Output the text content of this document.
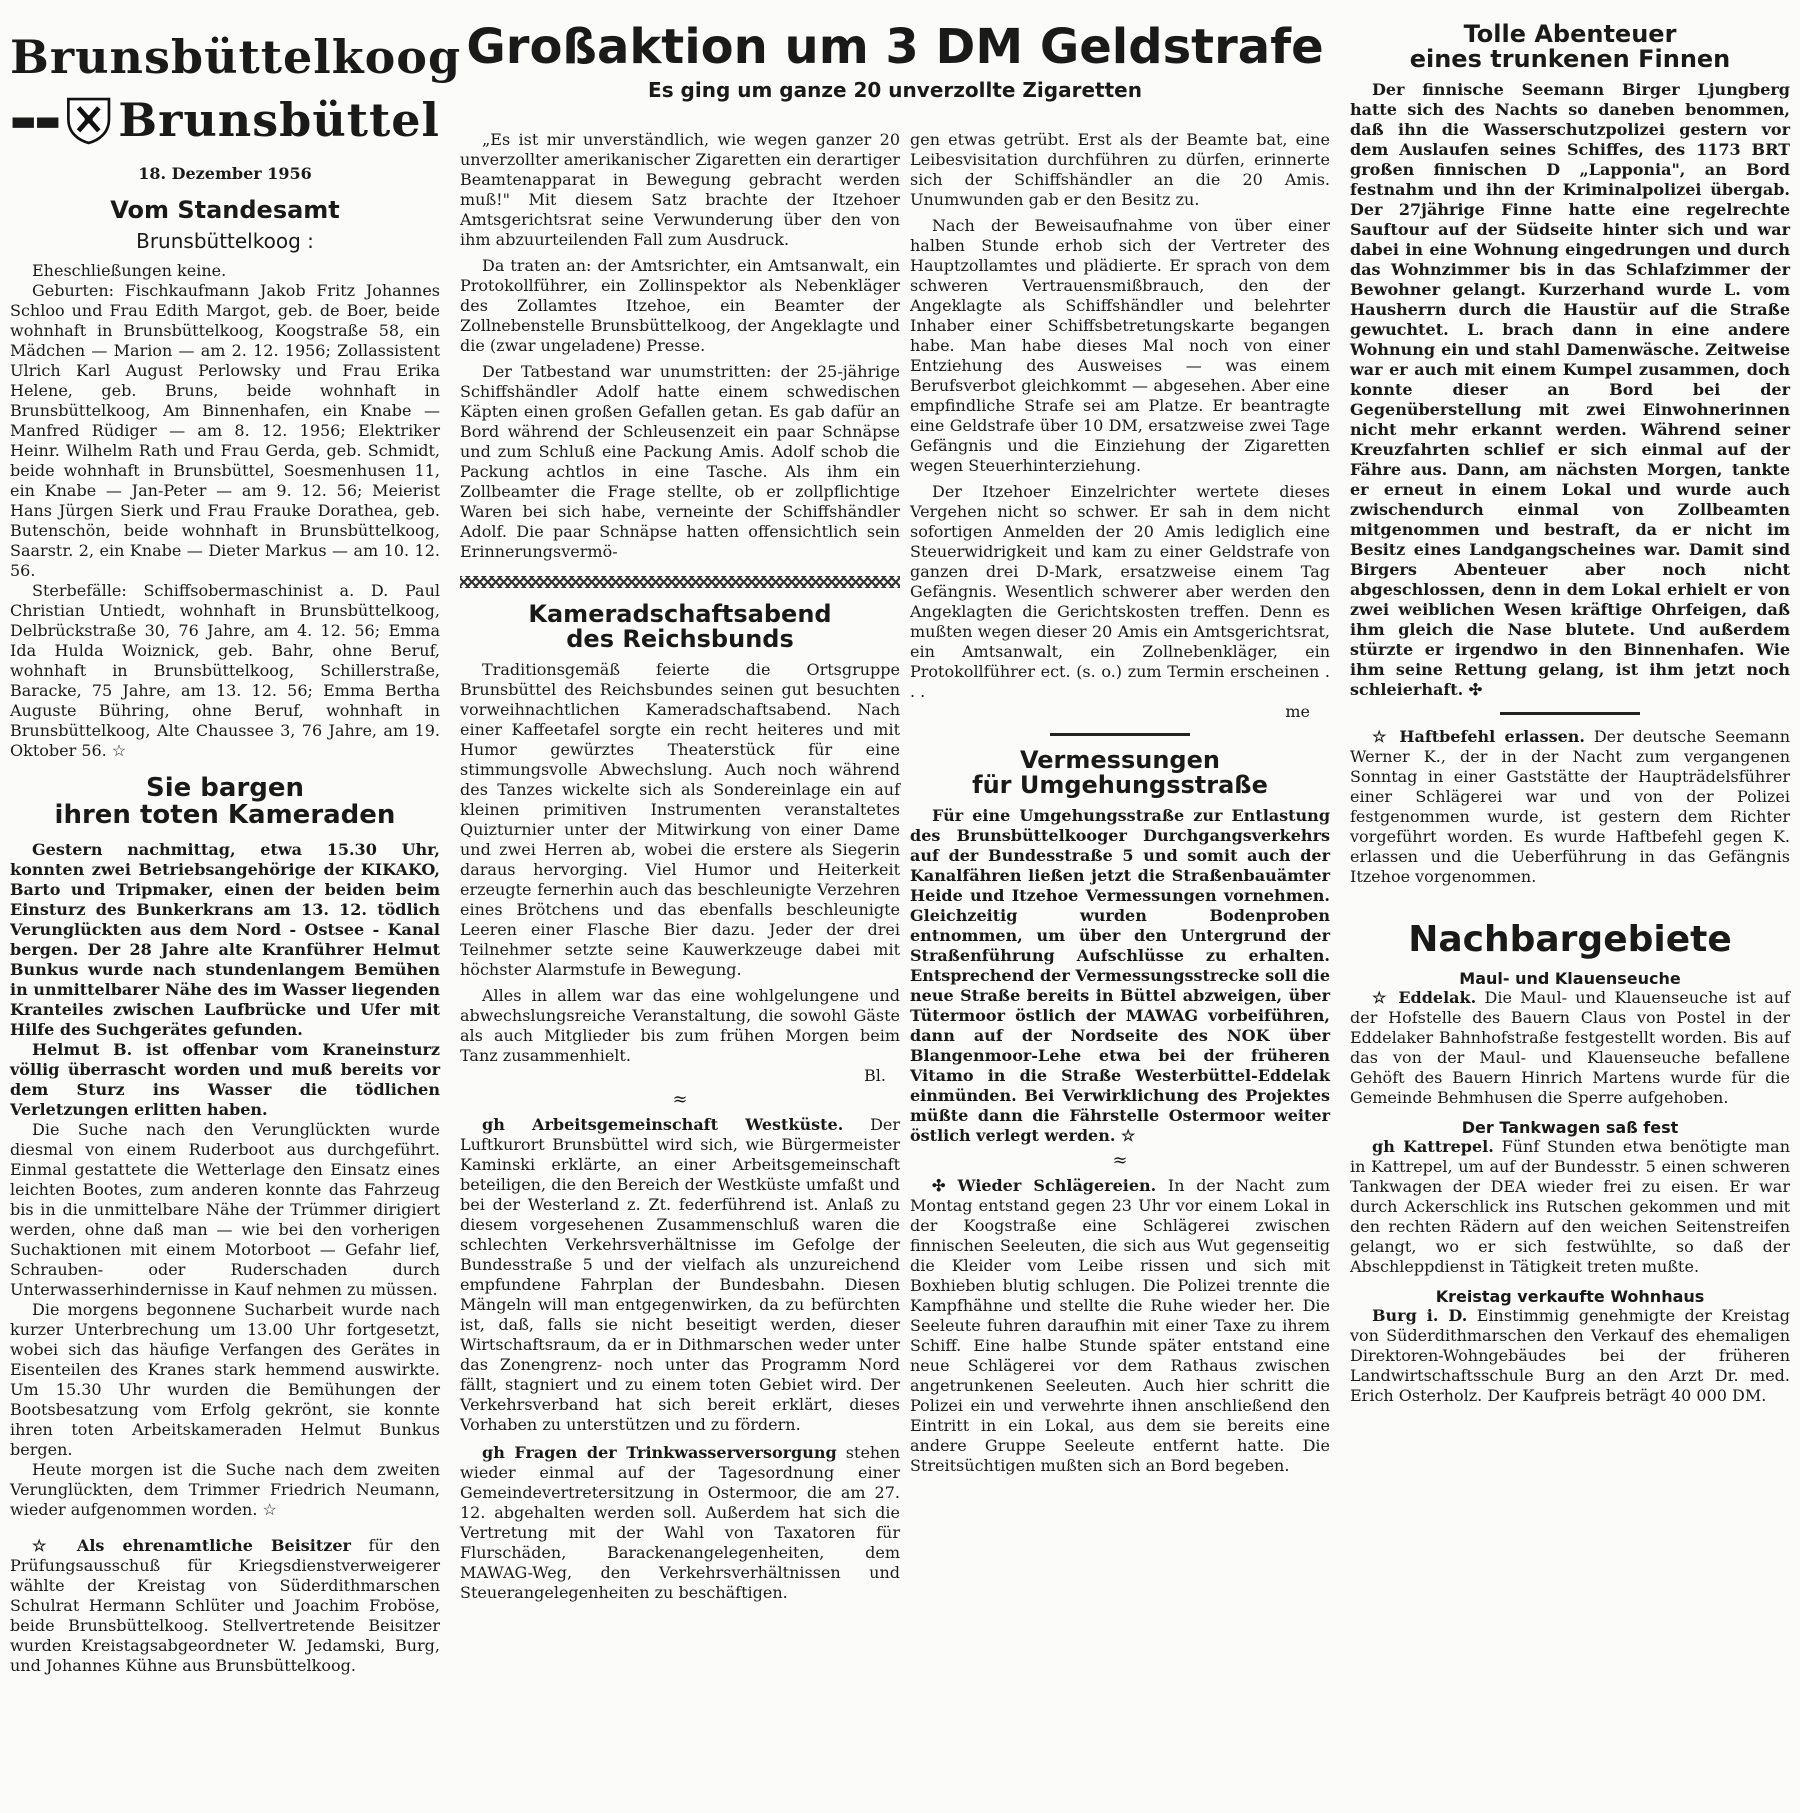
Brunsbüttelkoog
▬▬ Brunsbüttel
18. Dezember 1956
Vom Standesamt
Brunsbüttelkoog :

Eheschließungen keine.

Geburten: Fischkaufmann Jakob Fritz Johannes Schloo und Frau Edith Margot, geb. de Boer, beide wohnhaft in Brunsbüttelkoog, Koogstraße 58, ein Mädchen — Marion — am 2. 12. 1956; Zollassistent Ulrich Karl August Perlowsky und Frau Erika Helene, geb. Bruns, beide wohnhaft in Brunsbüttelkoog, Am Binnenhafen, ein Knabe — Manfred Rüdiger — am 8. 12. 1956; Elektriker Heinr. Wilhelm Rath und Frau Gerda, geb. Schmidt, beide wohnhaft in Brunsbüttel, Soesmenhusen 11, ein Knabe — Jan-Peter — am 9. 12. 56; Meierist Hans Jürgen Sierk und Frau Frauke Dorathea, geb. Butenschön, beide wohnhaft in Brunsbüttelkoog, Saarstr. 2, ein Knabe — Dieter Markus — am 10. 12. 56.

Sterbefälle: Schiffsobermaschinist a. D. Paul Christian Untiedt, wohnhaft in Brunsbüttelkoog, Delbrückstraße 30, 76 Jahre, am 4. 12. 56; Emma Ida Hulda Woiznick, geb. Bahr, ohne Beruf, wohnhaft in Brunsbüttelkoog, Schillerstraße, Baracke, 75 Jahre, am 13. 12. 56; Emma Bertha Auguste Bühring, ohne Beruf, wohnhaft in Brunsbüttelkoog, Alte Chaussee 3, 76 Jahre, am 19. Oktober 56. ☆

Sie bargen
ihren toten Kameraden

Gestern nachmittag, etwa 15.30 Uhr, konnten zwei Betriebsangehörige der KIKAKO, Barto und Tripmaker, einen der beiden beim Einsturz des Bunkerkrans am 13. 12. tödlich Verunglückten aus dem Nord - Ostsee - Kanal bergen. Der 28 Jahre alte Kranführer Helmut Bunkus wurde nach stundenlangem Bemühen in unmittelbarer Nähe des im Wasser liegenden Kranteiles zwischen Laufbrücke und Ufer mit Hilfe des Suchgerätes gefunden.

Helmut B. ist offenbar vom Kraneinsturz völlig überrascht worden und muß bereits vor dem Sturz ins Wasser die tödlichen Verletzungen erlitten haben.

Die Suche nach den Verunglückten wurde diesmal von einem Ruderboot aus durchgeführt. Einmal gestattete die Wetterlage den Einsatz eines leichten Bootes, zum anderen konnte das Fahrzeug bis in die unmittelbare Nähe der Trümmer dirigiert werden, ohne daß man — wie bei den vorherigen Suchaktionen mit einem Motorboot — Gefahr lief, Schrauben- oder Ruderschaden durch Unterwasserhindernisse in Kauf nehmen zu müssen.

Die morgens begonnene Sucharbeit wurde nach kurzer Unterbrechung um 13.00 Uhr fortgesetzt, wobei sich das häufige Verfangen des Gerätes in Eisenteilen des Kranes stark hemmend auswirkte. Um 15.30 Uhr wurden die Bemühungen der Bootsbesatzung vom Erfolg gekrönt, sie konnte ihren toten Arbeitskameraden Helmut Bunkus bergen.

Heute morgen ist die Suche nach dem zweiten Verunglückten, dem Trimmer Friedrich Neumann, wieder aufgenommen worden. ☆

☆ Als ehrenamtliche Beisitzer für den Prüfungsausschuß für Kriegsdienstverweigerer wählte der Kreistag von Süderdithmarschen Schulrat Hermann Schlüter und Joachim Froböse, beide Brunsbüttelkoog. Stellvertretende Beisitzer wurden Kreistagsabgeordneter W. Jedamski, Burg, und Johannes Kühne aus Brunsbüttelkoog.

Großaktion um 3 DM Geldstrafe
Es ging um ganze 20 unverzollte Zigaretten

„Es ist mir unverständlich, wie wegen ganzer 20 unverzollter amerikanischer Zigaretten ein derartiger Beamtenapparat in Bewegung gebracht werden muß!" Mit diesem Satz brachte der Itzehoer Amtsgerichtsrat seine Verwunderung über den von ihm abzuurteilenden Fall zum Ausdruck.

Da traten an: der Amtsrichter, ein Amtsanwalt, ein Protokollführer, ein Zollinspektor als Nebenkläger des Zollamtes Itzehoe, ein Beamter der Zollnebenstelle Brunsbüttelkoog, der Angeklagte und die (zwar ungeladene) Presse.

Der Tatbestand war unumstritten: der 25-jährige Schiffshändler Adolf hatte einem schwedischen Käpten einen großen Gefallen getan. Es gab dafür an Bord während der Schleusenzeit ein paar Schnäpse und zum Schluß eine Packung Amis. Adolf schob die Packung achtlos in eine Tasche. Als ihm ein Zollbeamter die Frage stellte, ob er zollpflichtige Waren bei sich habe, verneinte der Schiffshändler Adolf. Die paar Schnäpse hatten offensichtlich sein Erinnerungsvermö-

Kameradschaftsabend
des Reichsbunds

Traditionsgemäß feierte die Ortsgruppe Brunsbüttel des Reichsbundes seinen gut besuchten vorweihnachtlichen Kameradschaftsabend. Nach einer Kaffeetafel sorgte ein recht heiteres und mit Humor gewürztes Theaterstück für eine stimmungsvolle Abwechslung. Auch noch während des Tanzes wickelte sich als Sondereinlage ein auf kleinen primitiven Instrumenten veranstaltetes Quizturnier unter der Mitwirkung von einer Dame und zwei Herren ab, wobei die erstere als Siegerin daraus hervorging. Viel Humor und Heiterkeit erzeugte fernerhin auch das beschleunigte Verzehren eines Brötchens und das ebenfalls beschleunigte Leeren einer Flasche Bier dazu. Jeder der drei Teilnehmer setzte seine Kauwerkzeuge dabei mit höchster Alarmstufe in Bewegung.

Alles in allem war das eine wohlgelungene und abwechslungsreiche Veranstaltung, die sowohl Gäste als auch Mitglieder bis zum frühen Morgen beim Tanz zusammenhielt.

Bl.
≈

gh Arbeitsgemeinschaft Westküste. Der Luftkurort Brunsbüttel wird sich, wie Bürgermeister Kaminski erklärte, an einer Arbeitsgemeinschaft beteiligen, die den Bereich der Westküste umfaßt und bei der Westerland z. Zt. federführend ist. Anlaß zu diesem vorgesehenen Zusammenschluß waren die schlechten Verkehrsverhältnisse im Gefolge der Bundesstraße 5 und der vielfach als unzureichend empfundene Fahrplan der Bundesbahn. Diesen Mängeln will man entgegenwirken, da zu befürchten ist, daß, falls sie nicht beseitigt werden, dieser Wirtschaftsraum, da er in Dithmarschen weder unter das Zonengrenz- noch unter das Programm Nord fällt, stagniert und zu einem toten Gebiet wird. Der Verkehrsverband hat sich bereit erklärt, dieses Vorhaben zu unterstützen und zu fördern.

gh Fragen der Trinkwasserversorgung stehen wieder einmal auf der Tagesordnung einer Gemeindevertretersitzung in Ostermoor, die am 27. 12. abgehalten werden soll. Außerdem hat sich die Vertretung mit der Wahl von Taxatoren für Flurschäden, Barackenangelegenheiten, dem MAWAG-Weg, den Verkehrsverhältnissen und Steuerangelegenheiten zu beschäftigen.

gen etwas getrübt. Erst als der Beamte bat, eine Leibesvisitation durchführen zu dürfen, erinnerte sich der Schiffshändler an die 20 Amis. Unumwunden gab er den Besitz zu.

Nach der Beweisaufnahme von über einer halben Stunde erhob sich der Vertreter des Hauptzollamtes und plädierte. Er sprach von dem schweren Vertrauensmißbrauch, den der Angeklagte als Schiffshändler und belehrter Inhaber einer Schiffsbetretungskarte begangen habe. Man habe dieses Mal noch von einer Entziehung des Ausweises — was einem Berufsverbot gleichkommt — abgesehen. Aber eine empfindliche Strafe sei am Platze. Er beantragte eine Geldstrafe über 10 DM, ersatzweise zwei Tage Gefängnis und die Einziehung der Zigaretten wegen Steuerhinterziehung.

Der Itzehoer Einzelrichter wertete dieses Vergehen nicht so schwer. Er sah in dem nicht sofortigen Anmelden der 20 Amis lediglich eine Steuerwidrigkeit und kam zu einer Geldstrafe von ganzen drei D-Mark, ersatzweise einem Tag Gefängnis. Wesentlich schwerer aber werden den Angeklagten die Gerichtskosten treffen. Denn es mußten wegen dieser 20 Amis ein Amtsgerichtsrat, ein Amtsanwalt, ein Zollnebenkläger, ein Protokollführer ect. (s. o.) zum Termin erscheinen . . .

me
Vermessungen
für Umgehungsstraße

Für eine Umgehungsstraße zur Entlastung des Brunsbüttelkooger Durchgangsverkehrs auf der Bundesstraße 5 und somit auch der Kanalfähren ließen jetzt die Straßenbauämter Heide und Itzehoe Vermessungen vornehmen. Gleichzeitig wurden Bodenproben entnommen, um über den Untergrund der Straßenführung Aufschlüsse zu erhalten. Entsprechend der Vermessungsstrecke soll die neue Straße bereits in Büttel abzweigen, über Tütermoor östlich der MAWAG vorbeiführen, dann auf der Nordseite des NOK über Blangenmoor-Lehe etwa bei der früheren Vitamo in die Straße Westerbüttel-Eddelak einmünden. Bei Verwirklichung des Projektes müßte dann die Fährstelle Ostermoor weiter östlich verlegt werden. ☆

≈

✣ Wieder Schlägereien. In der Nacht zum Montag entstand gegen 23 Uhr vor einem Lokal in der Koogstraße eine Schlägerei zwischen finnischen Seeleuten, die sich aus Wut gegenseitig die Kleider vom Leibe rissen und sich mit Boxhieben blutig schlugen. Die Polizei trennte die Kampfhähne und stellte die Ruhe wieder her. Die Seeleute fuhren daraufhin mit einer Taxe zu ihrem Schiff. Eine halbe Stunde später entstand eine neue Schlägerei vor dem Rathaus zwischen angetrunkenen Seeleuten. Auch hier schritt die Polizei ein und verwehrte ihnen anschließend den Eintritt in ein Lokal, aus dem sie bereits eine andere Gruppe Seeleute entfernt hatte. Die Streitsüchtigen mußten sich an Bord begeben.

Tolle Abenteuer
eines trunkenen Finnen

Der finnische Seemann Birger Ljungberg hatte sich des Nachts so daneben benommen, daß ihn die Wasserschutzpolizei gestern vor dem Auslaufen seines Schiffes, des 1173 BRT großen finnischen D „Lapponia", an Bord festnahm und ihn der Kriminalpolizei übergab. Der 27jährige Finne hatte eine regelrechte Sauftour auf der Südseite hinter sich und war dabei in eine Wohnung eingedrungen und durch das Wohnzimmer bis in das Schlafzimmer der Bewohner gelangt. Kurzerhand wurde L. vom Hausherrn durch die Haustür auf die Straße gewuchtet. L. brach dann in eine andere Wohnung ein und stahl Damenwäsche. Zeitweise war er auch mit einem Kumpel zusammen, doch konnte dieser an Bord bei der Gegenüberstellung mit zwei Einwohnerinnen nicht mehr erkannt werden. Während seiner Kreuzfahrten schlief er sich einmal auf der Fähre aus. Dann, am nächsten Morgen, tankte er erneut in einem Lokal und wurde auch zwischendurch einmal von Zollbeamten mitgenommen und bestraft, da er nicht im Besitz eines Landgangscheines war. Damit sind Birgers Abenteuer aber noch nicht abgeschlossen, denn in dem Lokal erhielt er von zwei weiblichen Wesen kräftige Ohrfeigen, daß ihm gleich die Nase blutete. Und außerdem stürzte er irgendwo in den Binnenhafen. Wie ihm seine Rettung gelang, ist ihm jetzt noch schleierhaft. ✣

☆ Haftbefehl erlassen. Der deutsche Seemann Werner K., der in der Nacht zum vergangenen Sonntag in einer Gaststätte der Haupträdelsführer einer Schlägerei war und von der Polizei festgenommen wurde, ist gestern dem Richter vorgeführt worden. Es wurde Haftbefehl gegen K. erlassen und die Ueberführung in das Gefängnis Itzehoe vorgenommen.

Nachbargebiete
Maul- und Klauenseuche

☆ Eddelak. Die Maul- und Klauenseuche ist auf der Hofstelle des Bauern Claus von Postel in der Eddelaker Bahnhofstraße festgestellt worden. Bis auf das von der Maul- und Klauenseuche befallene Gehöft des Bauern Hinrich Martens wurde für die Gemeinde Behmhusen die Sperre aufgehoben.

Der Tankwagen saß fest

gh Kattrepel. Fünf Stunden etwa benötigte man in Kattrepel, um auf der Bundesstr. 5 einen schweren Tankwagen der DEA wieder frei zu eisen. Er war durch Ackerschlick ins Rutschen gekommen und mit den rechten Rädern auf den weichen Seitenstreifen gelangt, wo er sich festwühlte, so daß der Abschleppdienst in Tätigkeit treten mußte.

Kreistag verkaufte Wohnhaus

Burg i. D. Einstimmig genehmigte der Kreistag von Süderdithmarschen den Verkauf des ehemaligen Direktoren-Wohngebäudes bei der früheren Landwirtschaftsschule Burg an den Arzt Dr. med. Erich Osterholz. Der Kaufpreis beträgt 40 000 DM.
